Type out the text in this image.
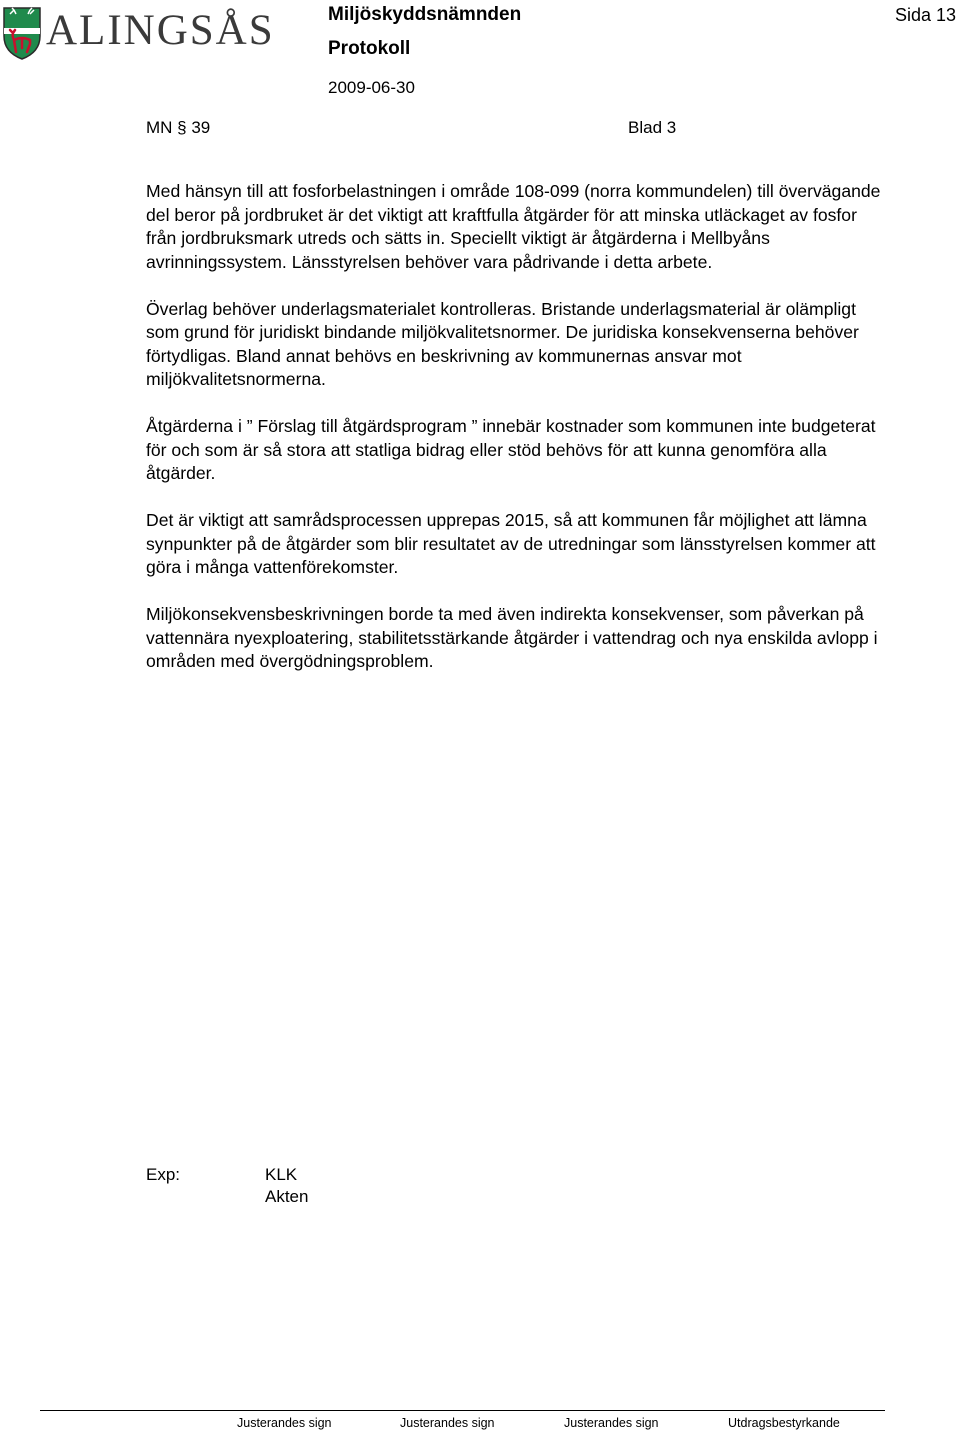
ALINGSÅS	Miljöskyddsnämnden
Protokoll
2009-06-30
Sida 13
MN § 39	Blad 3

Med hänsyn till att fosforbelastningen i område 108-099 (norra kommundelen) till övervägande del beror på jordbruket är det viktigt att kraftfulla åtgärder för att minska utläckaget av fosfor från jordbruksmark utreds och sätts in. Speciellt viktigt är åtgärderna i Mellbyåns avrinningssystem. Länsstyrelsen behöver vara pådrivande i detta arbete.

Överlag behöver underlagsmaterialet kontrolleras. Bristande underlagsmaterial är olämpligt som grund för juridiskt bindande miljökvalitetsnormer. De juridiska konsekvenserna behöver förtydligas. Bland annat behövs en beskrivning av kommunernas ansvar mot miljökvalitetsnormerna.

Åtgärderna i ” Förslag till åtgärdsprogram ” innebär kostnader som kommunen inte budgeterat för och som är så stora att statliga bidrag eller stöd behövs för att kunna genomföra alla åtgärder.

Det är viktigt att samrådsprocessen upprepas 2015, så att kommunen får möjlighet att lämna synpunkter på de åtgärder som blir resultatet av de utredningar som länsstyrelsen kommer att göra i många vattenförekomster.

Miljökonsekvensbeskrivningen borde ta med även indirekta konsekvenser, som påverkan på vattennära nyexploatering, stabilitetsstärkande åtgärder i vattendrag och nya enskilda avlopp i områden med övergödningsproblem.

Exp:	KLK
Akten
Justerandes sign	Justerandes sign	Justerandes sign	Utdragsbestyrkande
